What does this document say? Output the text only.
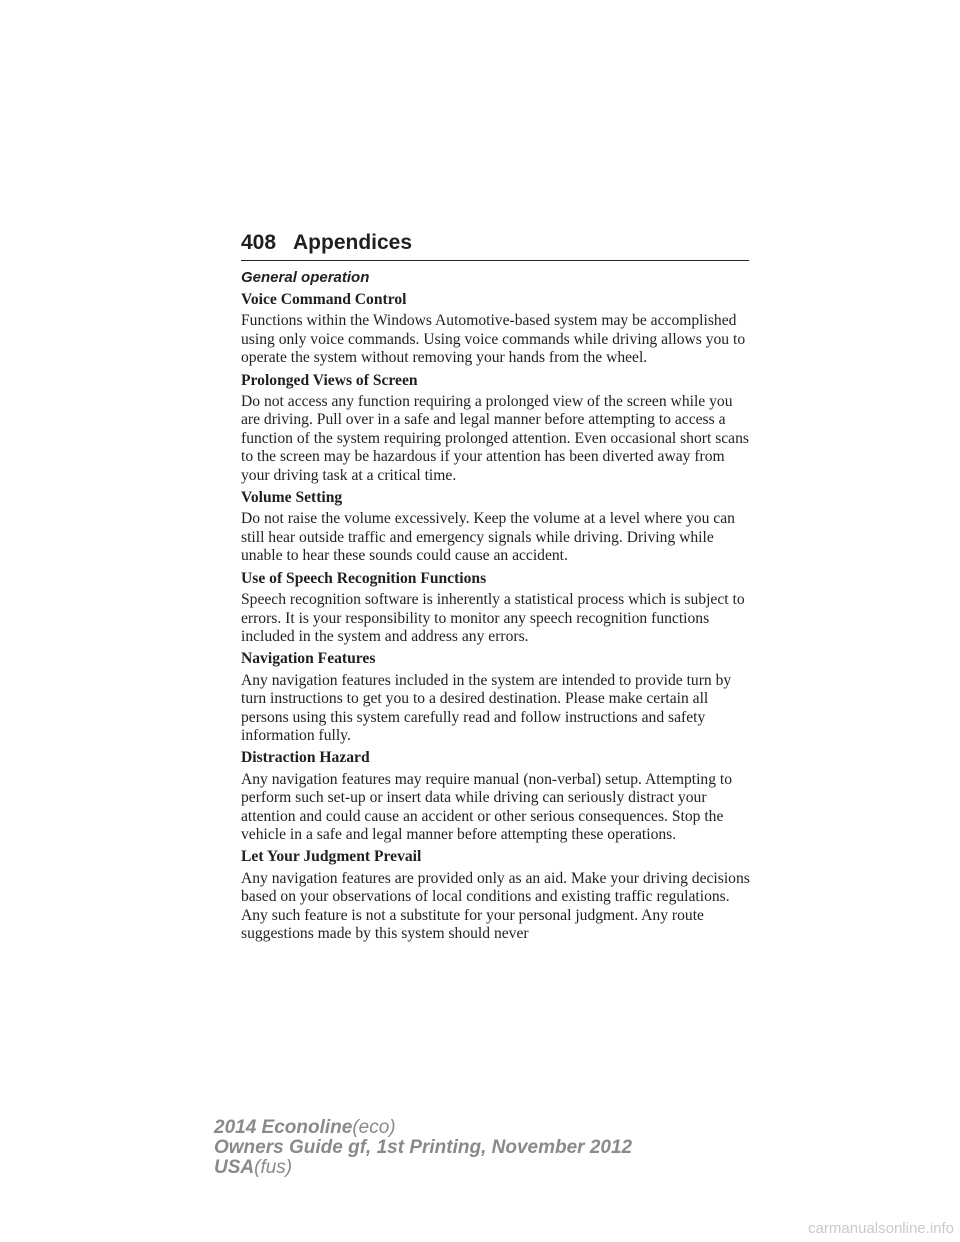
408 Appendices
General operation
Voice Command Control
Functions within the Windows Automotive-based system may be accomplished using only voice commands. Using voice commands while driving allows you to operate the system without removing your hands from the wheel.
Prolonged Views of Screen
Do not access any function requiring a prolonged view of the screen while you are driving. Pull over in a safe and legal manner before attempting to access a function of the system requiring prolonged attention. Even occasional short scans to the screen may be hazardous if your attention has been diverted away from your driving task at a critical time.
Volume Setting
Do not raise the volume excessively. Keep the volume at a level where you can still hear outside traffic and emergency signals while driving. Driving while unable to hear these sounds could cause an accident.
Use of Speech Recognition Functions
Speech recognition software is inherently a statistical process which is subject to errors. It is your responsibility to monitor any speech recognition functions included in the system and address any errors.
Navigation Features
Any navigation features included in the system are intended to provide turn by turn instructions to get you to a desired destination. Please make certain all persons using this system carefully read and follow instructions and safety information fully.
Distraction Hazard
Any navigation features may require manual (non-verbal) setup. Attempting to perform such set-up or insert data while driving can seriously distract your attention and could cause an accident or other serious consequences. Stop the vehicle in a safe and legal manner before attempting these operations.
Let Your Judgment Prevail
Any navigation features are provided only as an aid. Make your driving decisions based on your observations of local conditions and existing traffic regulations. Any such feature is not a substitute for your personal judgment. Any route suggestions made by this system should never
2014 Econoline(eco)
Owners Guide gf, 1st Printing, November 2012
USA(fus)
carmanualsonline.info
